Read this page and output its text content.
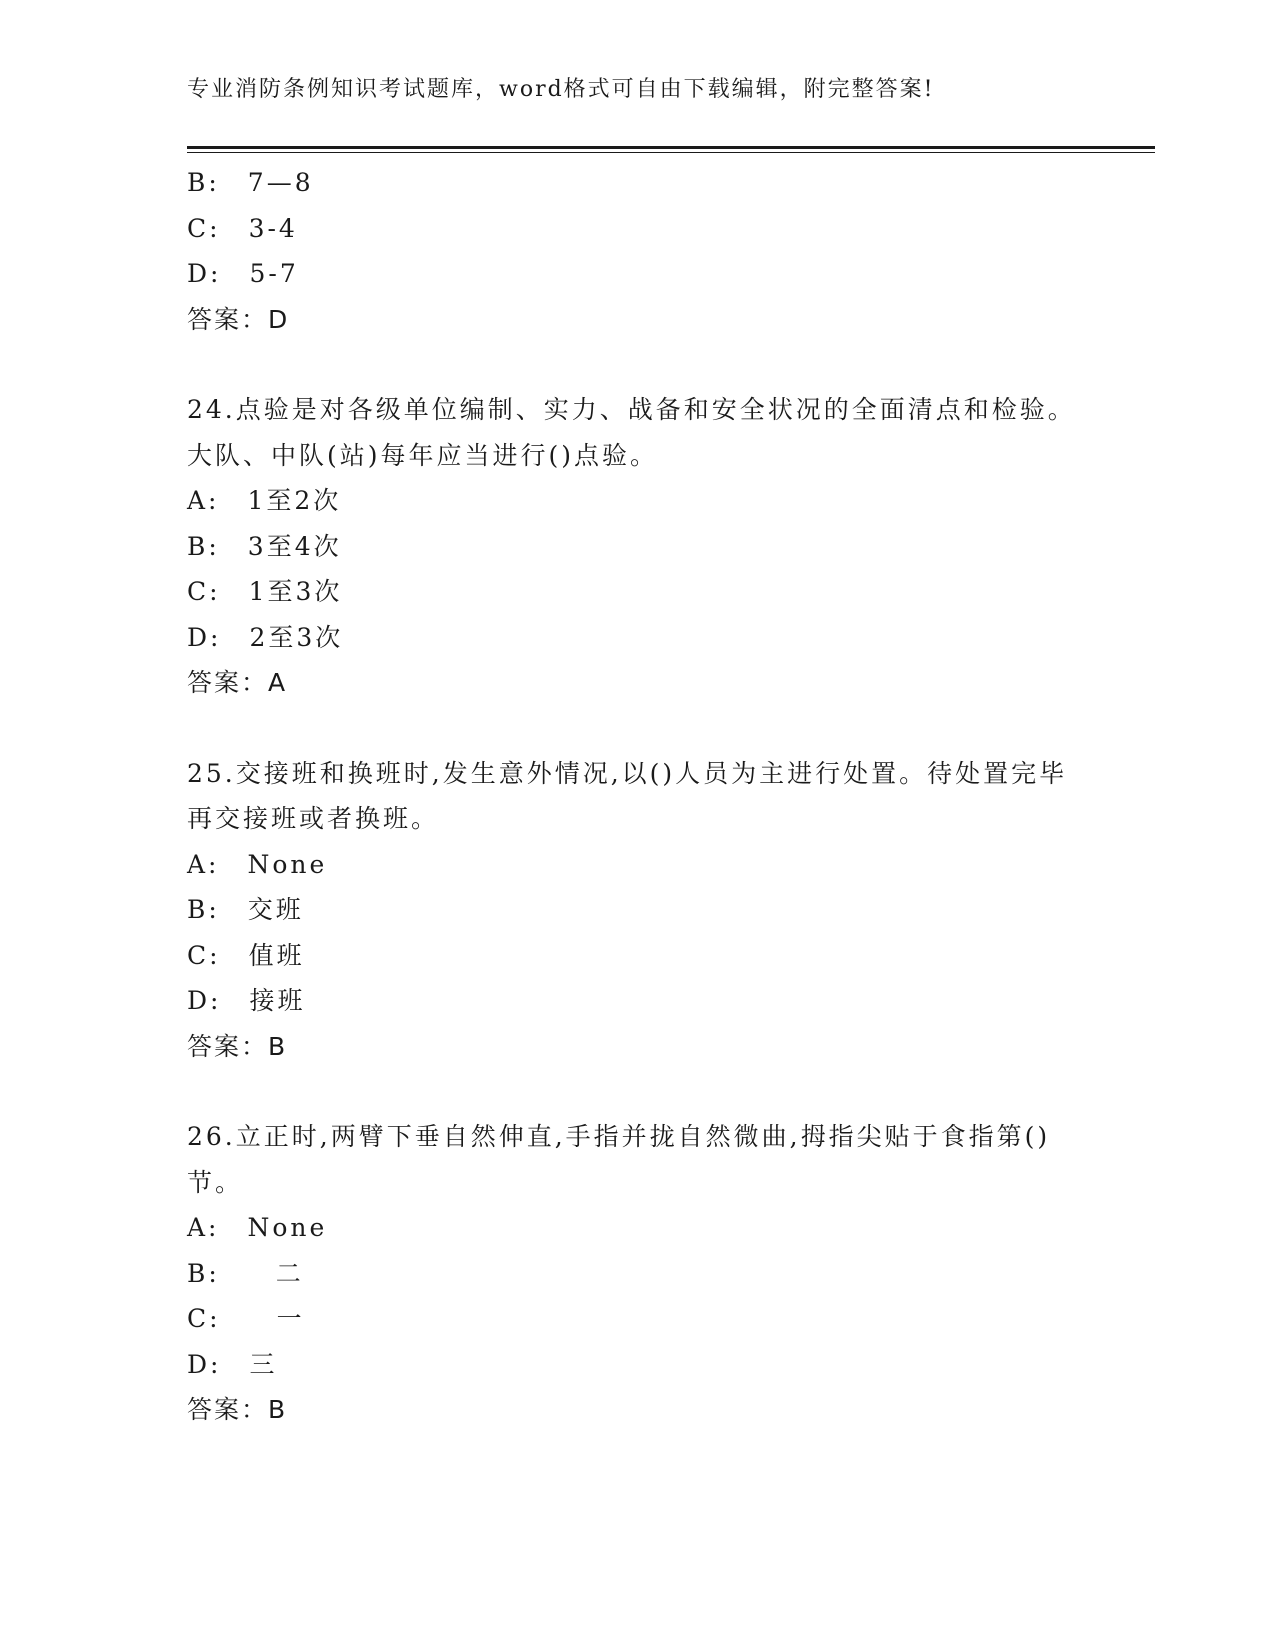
专业消防条例知识考试题库，word格式可自由下载编辑，附完整答案!
B: 7—8
C: 3-4
D: 5-7
答案：D
24.点验是对各级单位编制、实力、战备和安全状况的全面清点和检验。大队、中队(站)每年应当进行()点验。
A: 1至2次
B: 3至4次
C: 1至3次
D: 2至3次
答案：A
25.交接班和换班时,发生意外情况,以()人员为主进行处置。待处置完毕再交接班或者换班。
A: None
B: 交班
C: 值班
D: 接班
答案：B
26.立正时,两臂下垂自然伸直,手指并拢自然微曲,拇指尖贴于食指第()节。
A: None
B: 二
C: 一
D: 三
答案：B
